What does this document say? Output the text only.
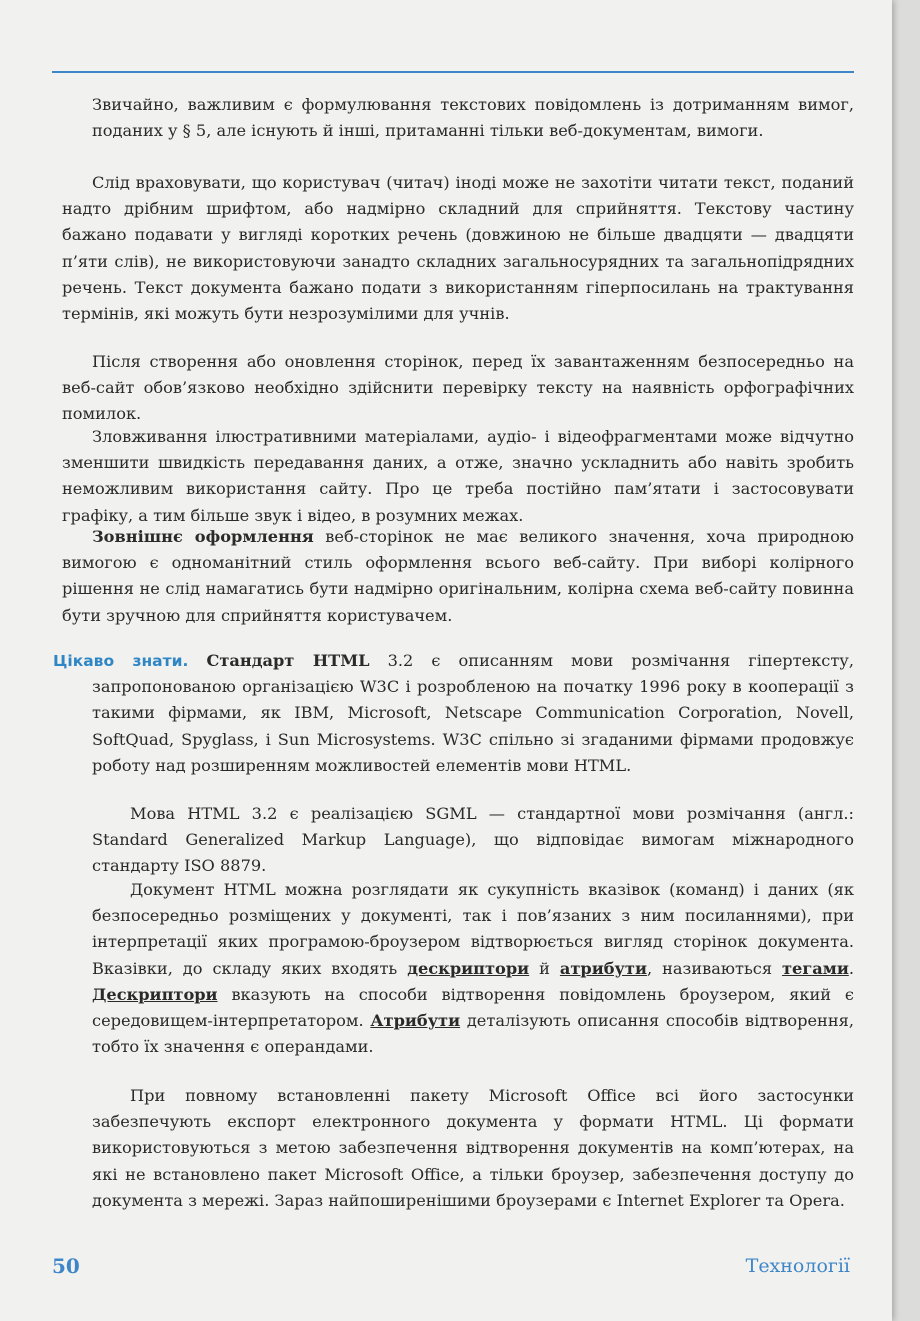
Звичайно, важливим є формулювання текстових повідомлень із дотриманням вимог, поданих у § 5, але існують й інші, притаманні тільки веб-документам, вимоги.

Слід враховувати, що користувач (читач) іноді може не захотіти читати текст, поданий надто дрібним шрифтом, або надмірно складний для сприйняття. Текстову частину бажано подавати у вигляді коротких речень (довжиною не більше двадцяти — двадцяти п’яти слів), не використовуючи занадто складних загальносурядних та загальнопідрядних речень. Текст документа бажано подати з використанням гіперпосилань на трактування термінів, які можуть бути незрозумілими для учнів.

Після створення або оновлення сторінок, перед їх завантаженням безпосередньо на веб-сайт обов’язково необхідно здійснити перевірку тексту на наявність орфографічних помилок.

Зловживання ілюстративними матеріалами, аудіо- і відеофрагментами може відчутно зменшити швидкість передавання даних, а отже, значно ускладнить або навіть зробить неможливим використання сайту. Про це треба постійно пам’ятати і застосовувати графіку, а тим більше звук і відео, в розумних межах.

Зовнішнє оформлення веб-сторінок не має великого значення, хоча природною вимогою є одноманітний стиль оформлення всього веб-сайту. При виборі колірного рішення не слід намагатись бути надмірно оригінальним, колірна схема веб-сайту повинна бути зручною для сприйняття користувачем.

Цікаво знати. Стандарт HTML 3.2 є описанням мови розмічання гіпертексту, запропонованою організацією W3C і розробленою на початку 1996 року в кооперації з такими фірмами, як IBM, Microsoft, Netscape Communication Corporation, Novell, SoftQuad, Spyglass, і Sun Microsystems. W3C спільно зі згаданими фірмами продовжує роботу над розширенням можливостей елементів мови HTML.

Мова HTML 3.2 є реалізацією SGML — стандартної мови розмічання (англ.: Standard Generalized Markup Language), що відповідає вимогам міжнародного стандарту ISO 8879.

Документ HTML можна розглядати як сукупність вказівок (команд) і даних (як безпосередньо розміщених у документі, так і пов’язаних з ним посиланнями), при інтерпретації яких програмою-броузером відтворюється вигляд сторінок документа. Вказівки, до складу яких входять дескриптори й атрибути, називаються тегами. Дескриптори вказують на способи відтворення повідомлень броузером, який є середовищем-інтерпретатором. Атрибути деталізують описання способів відтворення, тобто їх значення є операндами.

При повному встановленні пакету Microsoft Office всі його застосунки забезпечують експорт електронного документа у формати HTML. Ці формати використовуються з метою забезпечення відтворення документів на комп’ютерах, на які не встановлено пакет Microsoft Office, а тільки броузер, забезпечення доступу до документа з мережі. Зараз найпоширенішими броузерами є Internet Explorer та Opera.

50	Технології
